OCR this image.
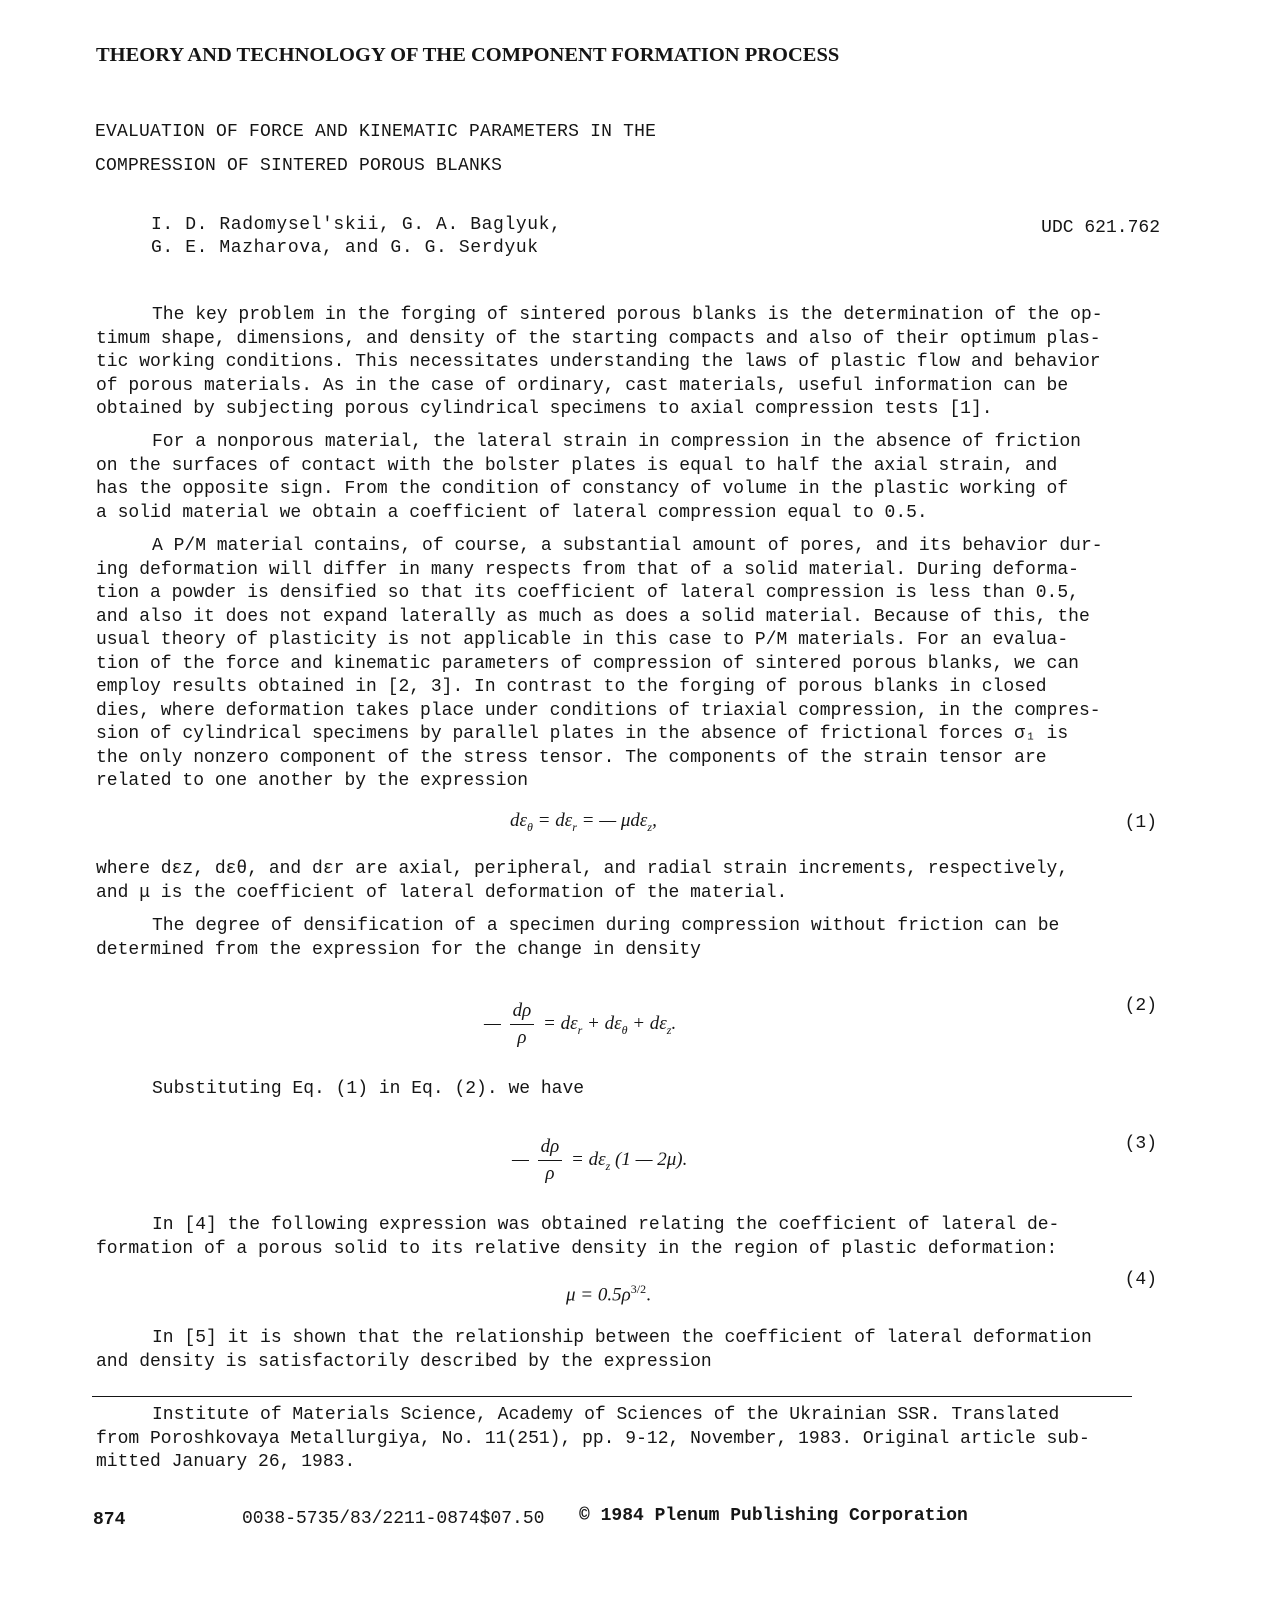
THEORY AND TECHNOLOGY OF THE COMPONENT FORMATION PROCESS
EVALUATION OF FORCE AND KINEMATIC PARAMETERS IN THE
COMPRESSION OF SINTERED POROUS BLANKS
I. D. Radomysel'skii, G. A. Baglyuk,
G. E. Mazharova, and G. G. Serdyuk
UDC 621.762

The key problem in the forging of sintered porous blanks is the determination of the op-
timum shape, dimensions, and density of the starting compacts and also of their optimum plas-
tic working conditions. This necessitates understanding the laws of plastic flow and behavior
of porous materials. As in the case of ordinary, cast materials, useful information can be
obtained by subjecting porous cylindrical specimens to axial compression tests [1].

For a nonporous material, the lateral strain in compression in the absence of friction
on the surfaces of contact with the bolster plates is equal to half the axial strain, and
has the opposite sign. From the condition of constancy of volume in the plastic working of
a solid material we obtain a coefficient of lateral compression equal to 0.5.

A P/M material contains, of course, a substantial amount of pores, and its behavior dur-
ing deformation will differ in many respects from that of a solid material. During deforma-
tion a powder is densified so that its coefficient of lateral compression is less than 0.5,
and also it does not expand laterally as much as does a solid material. Because of this, the
usual theory of plasticity is not applicable in this case to P/M materials. For an evalua-
tion of the force and kinematic parameters of compression of sintered porous blanks, we can
employ results obtained in [2, 3]. In contrast to the forging of porous blanks in closed
dies, where deformation takes place under conditions of triaxial compression, in the compres-
sion of cylindrical specimens by parallel plates in the absence of frictional forces σ₁ is
the only nonzero component of the stress tensor. The components of the strain tensor are
related to one another by the expression

$d\varepsilon_\theta = d\varepsilon_r$ = — μdε$_z$,	(1)

where dεz, dεθ, and dεr are axial, peripheral, and radial strain increments, respectively,
and μ is the coefficient of lateral deformation of the material.

The degree of densification of a specimen during compression without friction can be
determined from the expression for the change in density

— $\frac{d\rho}{\rho} = d\varepsilon_r + d\varepsilon_\theta + d\varepsilon_z$.
(2)

Substituting Eq. (1) in Eq. (2). we have

— $\frac{d\rho}{\rho} = d\varepsilon_z$ (1 — 2μ).
(3)

In [4] the following expression was obtained relating the coefficient of lateral de-
formation of a porous solid to its relative density in the region of plastic deformation:

$\mu = 0.5\rho^{3/2}$.
(4)

In [5] it is shown that the relationship between the coefficient of lateral deformation
and density is satisfactorily described by the expression

Institute of Materials Science, Academy of Sciences of the Ukrainian SSR. Translated
from Poroshkovaya Metallurgiya, No. 11(251), pp. 9-12, November, 1983. Original article sub-
mitted January 26, 1983.
874	0038-5735/83/2211-0874$07.50 © 1984 Plenum Publishing Corporation
